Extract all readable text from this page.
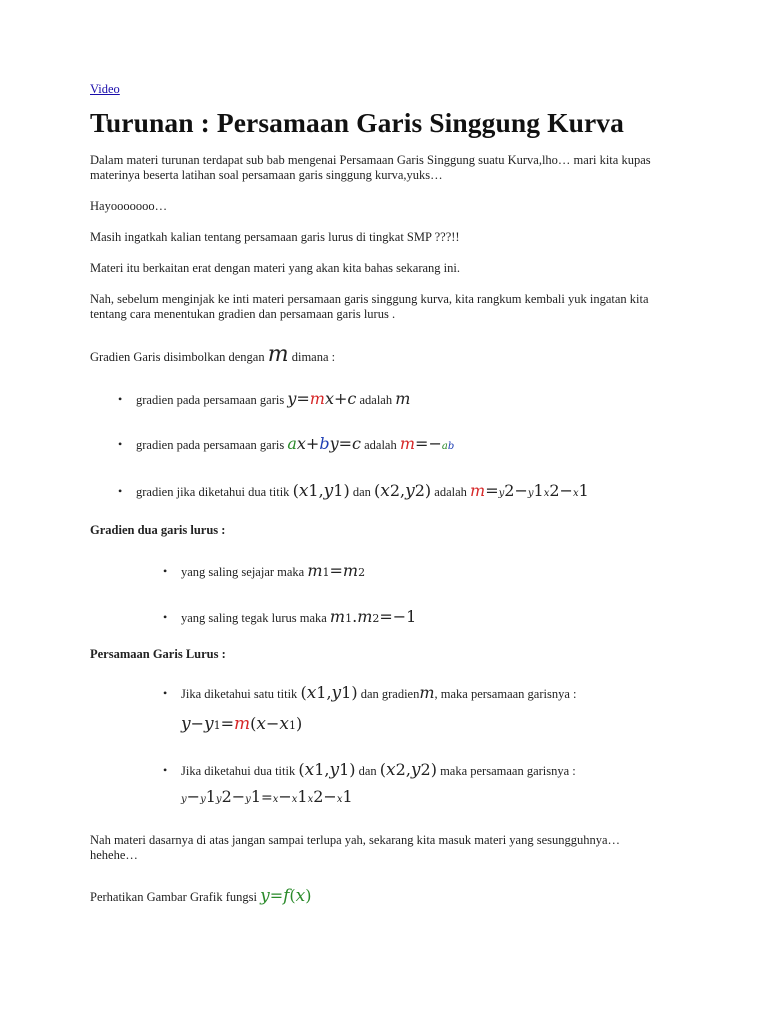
Video
Turunan : Persamaan Garis Singgung Kurva

Dalam materi turunan terdapat sub bab mengenai Persamaan Garis Singgung suatu Kurva,lho… mari kita kupas materinya beserta latihan soal persamaan garis singgung kurva,yuks…

Hayooooooo…

Masih ingatkah kalian tentang persamaan garis lurus di tingkat SMP ???!!

Materi itu berkaitan erat dengan materi yang akan kita bahas sekarang ini.

Nah, sebelum menginjak ke inti materi persamaan garis singgung kurva, kita rangkum kembali yuk ingatan kita tentang cara menentukan gradien dan persamaan garis lurus .

Gradien Garis disimbolkan dengan m dimana :

• gradien pada persamaan garis y=mx+c adalah m
• gradien pada persamaan garis ax+by=c adalah m=−ab
• gradien jika diketahui dua titik (x1,y1) dan (x2,y2) adalah m=y2−y1x2−x1

Gradien dua garis lurus :

• yang saling sejajar maka m1=m2
• yang saling tegak lurus maka m1.m2=−1

Persamaan Garis Lurus :

• Jika diketahui satu titik (x1,y1) dan gradienm, maka persamaan garisnya :
y−y1=m(x−x1)
• Jika diketahui dua titik (x1,y1) dan (x2,y2) maka persamaan garisnya :
y−y1y2−y1=x−x1x2−x1

Nah materi dasarnya di atas jangan sampai terlupa yah, sekarang kita masuk materi yang sesungguhnya…hehehe…

Perhatikan Gambar Grafik fungsi y=f(x)
